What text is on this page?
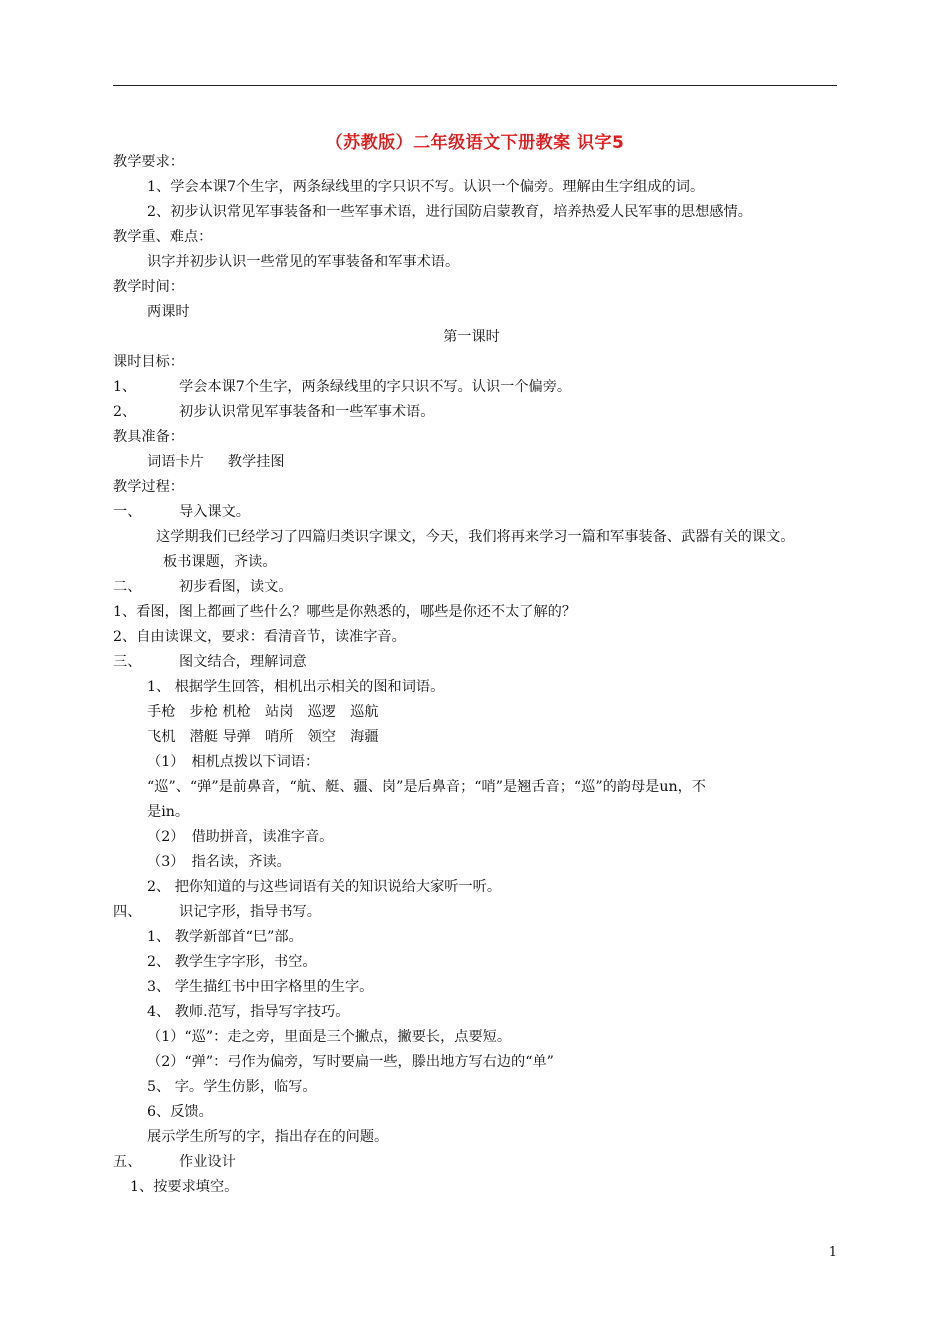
（苏教版）二年级语文下册教案 识字5
教学要求：
1、学会本课7个生字，两条绿线里的字只识不写。认识一个偏旁。理解由生字组成的词。
2、初步认识常见军事装备和一些军事术语，进行国防启蒙教育，培养热爱人民军事的思想感情。
教学重、难点：
识字并初步认识一些常见的军事装备和军事术语。
教学时间：
两课时
第一课时
课时目标：
1、	学会本课7个生字，两条绿线里的字只识不写。认识一个偏旁。
2、	初步认识常见军事装备和一些军事术语。
教具准备：
词语卡片 教学挂图
教学过程：
一、	导入课文。
这学期我们已经学习了四篇归类识字课文，今天，我们将再来学习一篇和军事装备、武器有关的课文。
板书课题，齐读。
二、	初步看图，读文。
1、看图，图上都画了些什么？哪些是你熟悉的，哪些是你还不太了解的？
2、自由读课文，要求：看清音节，读准字音。
三、	图文结合，理解词意
1、 根据学生回答，相机出示相关的图和词语。
手枪　步枪 机枪　站岗　巡逻　巡航
飞机　潜艇 导弹　哨所　领空　海疆
（1）　相机点拨以下词语：
“巡”、“弹”是前鼻音，“航、艇、疆、岗”是后鼻音；“哨”是翘舌音；“巡”的韵母是un，不
是in。
（2）　借助拼音，读准字音。
（3）　指名读，齐读。
2、 把你知道的与这些词语有关的知识说给大家听一听。
四、	识记字形，指导书写。
1、 教学新部首“巳”部。
2、 教学生字字形，书空。
3、 学生描红书中田字格里的生字。
4、 教师.范写，指导写字技巧。
（1）“巡”：走之旁，里面是三个撇点，撇要长，点要短。
（2）“弹”：弓作为偏旁，写时要扁一些，滕出地方写右边的“单”
5、 字。学生仿影，临写。
6、反馈。
展示学生所写的字，指出存在的问题。
五、	作业设计
1、按要求填空。
1
